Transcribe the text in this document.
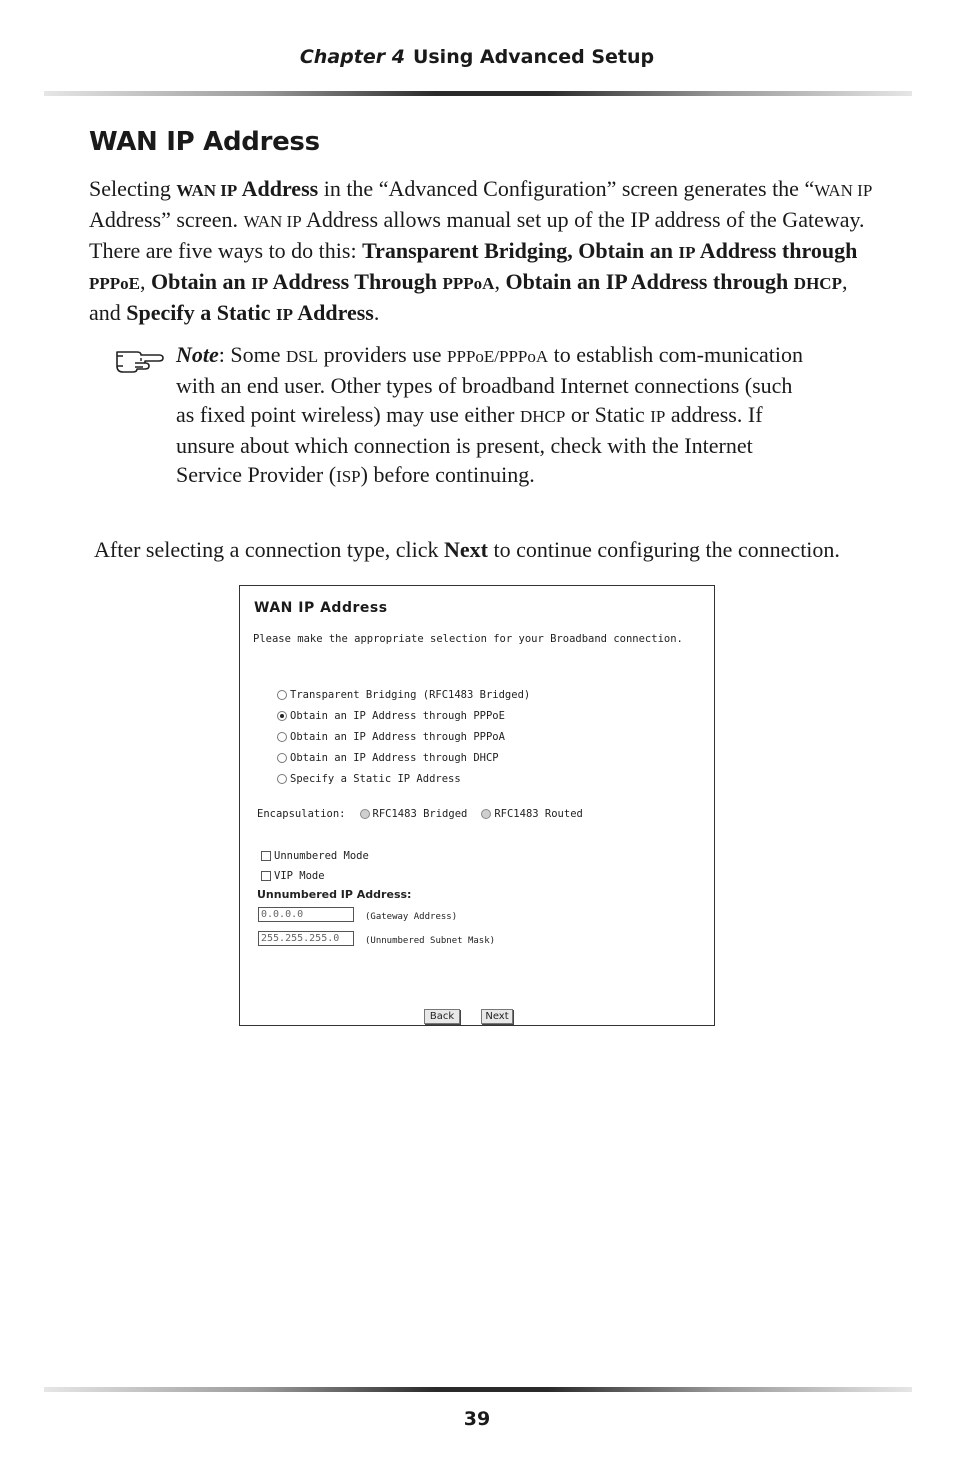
Chapter 4 Using Advanced Setup
WAN IP Address

Selecting WAN IP Address in the “Advanced Configuration” screen generates the “WAN IP Address” screen. WAN IP Address allows manual set up of the IP address of the Gateway. There are five ways to do this: Transparent Bridging, Obtain an IP Address through PPPoE, Obtain an IP Address Through PPPoA, Obtain an IP Address through DHCP, and Specify a Static IP Address.

Note: Some DSL providers use PPPoE/PPPoA to establish com-munication with an end user. Other types of broadband Internet connections (such as fixed point wireless) may use either DHCP or Static IP address. If unsure about which connection is present, check with the Internet Service Provider (ISP) before continuing.

After selecting a connection type, click Next to continue configuring the connection.

WAN IP Address
Please make the appropriate selection for your Broadband connection.
Transparent Bridging (RFC1483 Bridged)
Obtain an IP Address through PPPoE
Obtain an IP Address through PPPoA
Obtain an IP Address through DHCP
Specify a Static IP Address
Encapsulation:	RFC1483 Bridged	RFC1483 Routed
Unnumbered Mode
VIP Mode
Unnumbered IP Address:
0.0.0.0	(Gateway Address)
255.255.255.0	(Unnumbered Subnet Mask)
Back	Next
39
